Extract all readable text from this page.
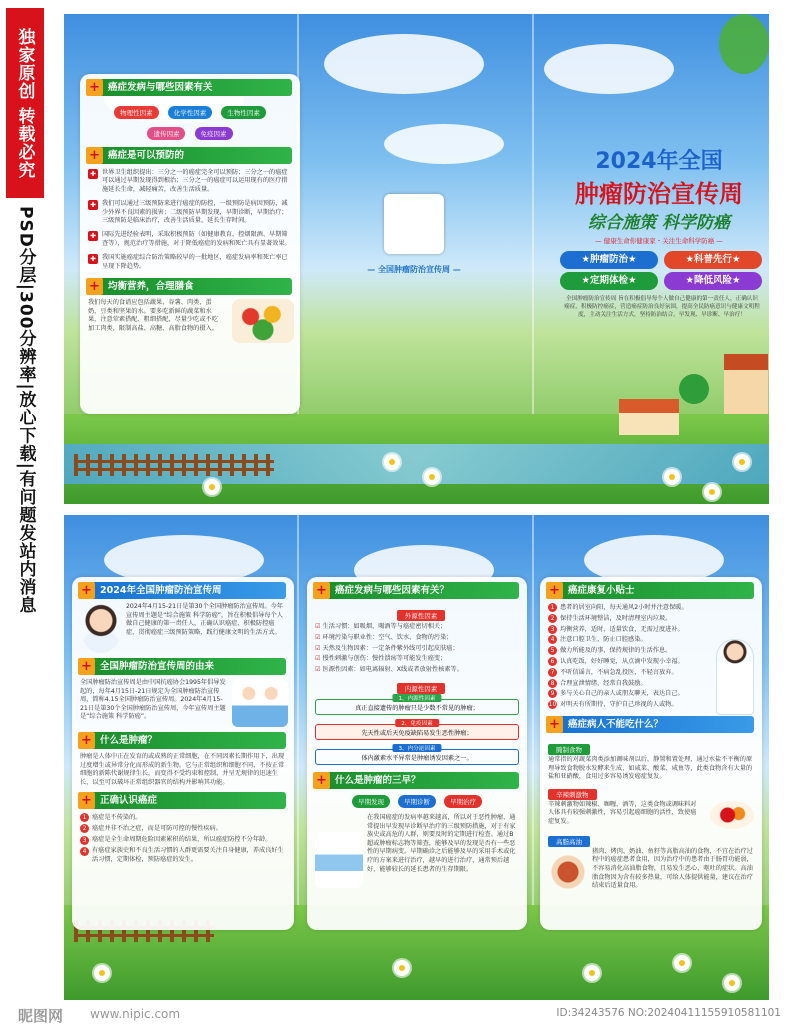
独家原创 转载必究
PSD分层|300分辨率|放心下载|有问题发站内消息
+ 癌症发病与哪些因素有关
物理性因素	化学性因素	生物性因素
遗传因素	免疫因素
+ 癌症是可以预防的
✚ 世界卫生组织提出：三分之一的癌症完全可以预防；三分之一的癌症可以通过早期发现得到根治；三分之一的癌症可以运用现有的医疗措施延长生命，减轻痛苦，改善生活质量。
✚ 我们可以通过三级预防来进行癌症的防控，一级预防是病因预防，减少外界不良因素的损害；二级预防早期发现，早期诊断，早期治疗；三级预防是临床治疗，改善生活质量，延长生存时间。
✚ 国际先进经验表明，采取积极预防（如健康教育、控烟限酒、早期筛查等），规范治疗等措施，对于降低癌症的发病和死亡具有显著效果。
✚ 我国实施癌症综合防治策略较早的一批地区，癌症发病率和死亡率已呈现下降趋势。
+ 均衡营养，合理膳食
我们每天的食谱应包括蔬果、谷薯、肉类、蛋奶、豆类和坚果的水。要多吃新鲜的蔬菜和水果，注意荤素搭配、粗细搭配，尽量少吃或不吃加工肉类，限制高盐、高糖、高脂食物的摄入。
— 全国肿瘤防治宣传周 —
2024年全国
肿瘤防治宣传周
综合施策 科学防癌
— 健康生命你健康家・关注生命科学防癌 —
★肿瘤防治★	★科普先行★
★定期体检★	★降低风险★
全国肿瘤防治宣传周 旨在积极倡导每个人做自己健康的第一责任人，正确认识癌症，积极防控癌症，营造癌症防治良好氛围，提高全民防癌意识与健康文明程度，主动关注生活方式，坚持防治结合，早发现、早诊断、早治疗！
+ 2024年全国肿瘤防治宣传周
2024年4月15-21日是第30个全国肿瘤防治宣传周。今年宣传周主题是“综合施策 科学防癌”，旨在积极倡导每个人做自己健康的第一责任人，正确认识癌症、积极防控癌症，贯彻癌症三级预防策略，践行健康文明的生活方式。
+ 全国肿瘤防治宣传周的由来
全国肿瘤防治宣传周是由中国抗癌协会1995年倡导发起的，每年4月15日-21日规定为全国肿瘤防治宣传周，简称4.15全国肿瘤防治宣传周。2024年4月15-21日是第30个全国肿瘤防治宣传周，今年宣传周主题是“综合施策 科学防癌”。
+ 什么是肿瘤？
肿瘤是人体中正在发育的或成熟的正常细胞，在不同因素长期作用下，出现过度增生或异常分化而形成的新生物。它与正常组织和细胞不同，不按正常细胞的新陈代谢规律生长，而变得不受约束和控制，并呈无规律的迅速生长，以至可以破坏正常组织器官的结构并影响其功能。
+ 正确认识癌症
1 癌症是不传染的。
2 癌症并非不治之症，而是可防可控的慢性疾病。
3 癌症是全生命周期危险因素累积的结果，所以癌症防控不分年龄。
4 有癌症家族史和不良生活习惯的人群更需要关注自身健康，养成良好生活习惯，定期体检，预防癌症的发生。
+ 癌症发病与哪些因素有关？
外源性因素
☑ 生活习惯：如吸烟、喝酒等与癌症密切相关；
☑ 环境污染与职业性：空气、饮水、食物的污染；
☑ 天然及生物因素：一定条件紫外线可引起皮肤癌；
☑ 慢性刺激与创伤：慢性溃疡等可能发生癌变；
☑ 医源性因素：如电离辐射、X线或者放射性核素等。
内源性因素
1、内源性因素
真正直接遗传的肿瘤只是少数不常见的肿瘤；
2、免疫因素
先天性或后天免疫缺陷易发生恶性肿瘤；
3、内分泌因素
体内激素水平异常是肿瘤诱发因素之一。
+ 什么是肿瘤的三早？
早期发现	早期诊断	早期治疗
在我国癌症的发病率越来越高，所以对于恶性肿瘤，通常提出早发现早诊断早治疗的三级预防措施，对于有家族史或高危的人群，则要及时的定期进行检查。通过B超或肿瘤标志物等筛查，能够及早的发现是否有一些恶性的早期病变。早期确诊之后能够及早的采用手术或化疗的方案来进行治疗，越早的进行治疗，通常预后越好，能够较长的延长患者的生存期限。
+ 癌症康复小贴士
1 患者的居室向阳，每天通风2小时并注意保暖。
2 保持生活环境整洁，及时清理室内垃圾。
3 均衡营养，适时、适量饮食，无需过度进补。
4 注意口腔卫生，防止口腔感染。
5 做力所能及的事，保持规律的生活作息。
6 认真吃饭，好好睡觉，从点滴中发现小幸福。
7 不听信谣言，不病急乱投医，不轻言放弃。
8 合理宣泄情绪，经常自我鼓励。
9 多与关心自己的亲人或朋友聊天，表达自己。
10 对明天有所期待，守护自己珍视的人或物。
+ 癌症病人不能吃什么？
腌制食物
通常指的对蔬菜肉类添加调味剂以后，静置和置处理，通过水盐不平衡的原理导致食物脱水发酵来生成，如咸菜、酸菜、咸鱼等，此类食物含有大量的盐和亚硝酸，食用过多容易诱发癌症复发。
辛辣刺激物
辛辣刺激物如辣椒、咖喱、酒等，这类食物或调味料对人体具有较强刺激性，容易引起癌细胞的活性，致使癌症复发。
高脂高油
猪肉、烤肉、奶油、鱼籽等高脂高油的食物，不宜在治疗过程中的癌症患者食用，因为治疗中的患者由于肠胃功能弱，不容易消化高油脂食物，且易发生恶心、呕吐的症状。高油脂食物因为含有较多热量，可给人体提供能量，建议在治疗结束后适量食用。
昵图网 www.nipic.com	ID:34243576 NO:20240411155910581101
